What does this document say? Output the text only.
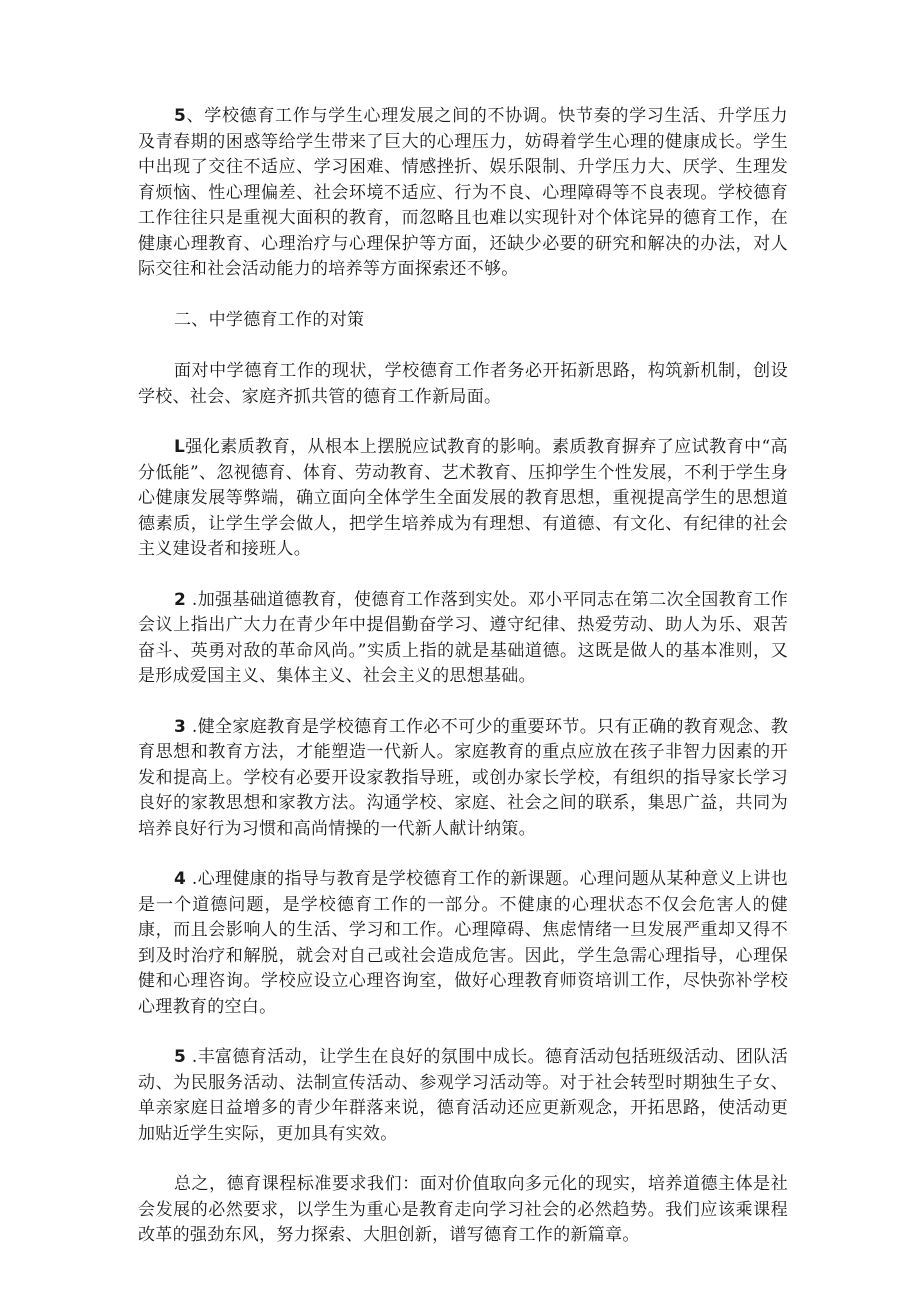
5、学校德育工作与学生心理发展之间的不协调。快节奏的学习生活、升学压力及青春期的困惑等给学生带来了巨大的心理压力，妨碍着学生心理的健康成长。学生中出现了交往不适应、学习困难、情感挫折、娱乐限制、升学压力大、厌学、生理发育烦恼、性心理偏差、社会环境不适应、行为不良、心理障碍等不良表现。学校德育工作往往只是重视大面积的教育，而忽略且也难以实现针对个体诧异的德育工作，在健康心理教育、心理治疗与心理保护等方面，还缺少必要的研究和解决的办法，对人际交往和社会活动能力的培养等方面探索还不够。

二、中学德育工作的对策

面对中学德育工作的现状，学校德育工作者务必开拓新思路，构筑新机制，创设学校、社会、家庭齐抓共管的德育工作新局面。

L强化素质教育，从根本上摆脱应试教育的影响。素质教育摒弃了应试教育中“高分低能”、忽视德育、体育、劳动教育、艺术教育、压抑学生个性发展，不利于学生身心健康发展等弊端，确立面向全体学生全面发展的教育思想，重视提高学生的思想道德素质，让学生学会做人，把学生培养成为有理想、有道德、有文化、有纪律的社会主义建设者和接班人。

2 .加强基础道德教育，使德育工作落到实处。邓小平同志在第二次全国教育工作会议上指出广大力在青少年中提倡勤奋学习、遵守纪律、热爱劳动、助人为乐、艰苦奋斗、英勇对敌的革命风尚。”实质上指的就是基础道德。这既是做人的基本准则，又是形成爱国主义、集体主义、社会主义的思想基础。

3 .健全家庭教育是学校德育工作必不可少的重要环节。只有正确的教育观念、教育思想和教育方法，才能塑造一代新人。家庭教育的重点应放在孩子非智力因素的开发和提高上。学校有必要开设家教指导班，或创办家长学校，有组织的指导家长学习良好的家教思想和家教方法。沟通学校、家庭、社会之间的联系，集思广益，共同为培养良好行为习惯和高尚情操的一代新人献计纳策。

4 .心理健康的指导与教育是学校德育工作的新课题。心理问题从某种意义上讲也是一个道德问题，是学校德育工作的一部分。不健康的心理状态不仅会危害人的健康，而且会影响人的生活、学习和工作。心理障碍、焦虑情绪一旦发展严重却又得不到及时治疗和解脱，就会对自己或社会造成危害。因此，学生急需心理指导，心理保健和心理咨询。学校应设立心理咨询室，做好心理教育师资培训工作，尽快弥补学校心理教育的空白。

5 .丰富德育活动，让学生在良好的氛围中成长。德育活动包括班级活动、团队活动、为民服务活动、法制宣传活动、参观学习活动等。对于社会转型时期独生子女、单亲家庭日益增多的青少年群落来说，德育活动还应更新观念，开拓思路，使活动更加贴近学生实际，更加具有实效。

总之，德育课程标准要求我们：面对价值取向多元化的现实，培养道德主体是社会发展的必然要求，以学生为重心是教育走向学习社会的必然趋势。我们应该乘课程改革的强劲东风，努力探索、大胆创新，谱写德育工作的新篇章。
